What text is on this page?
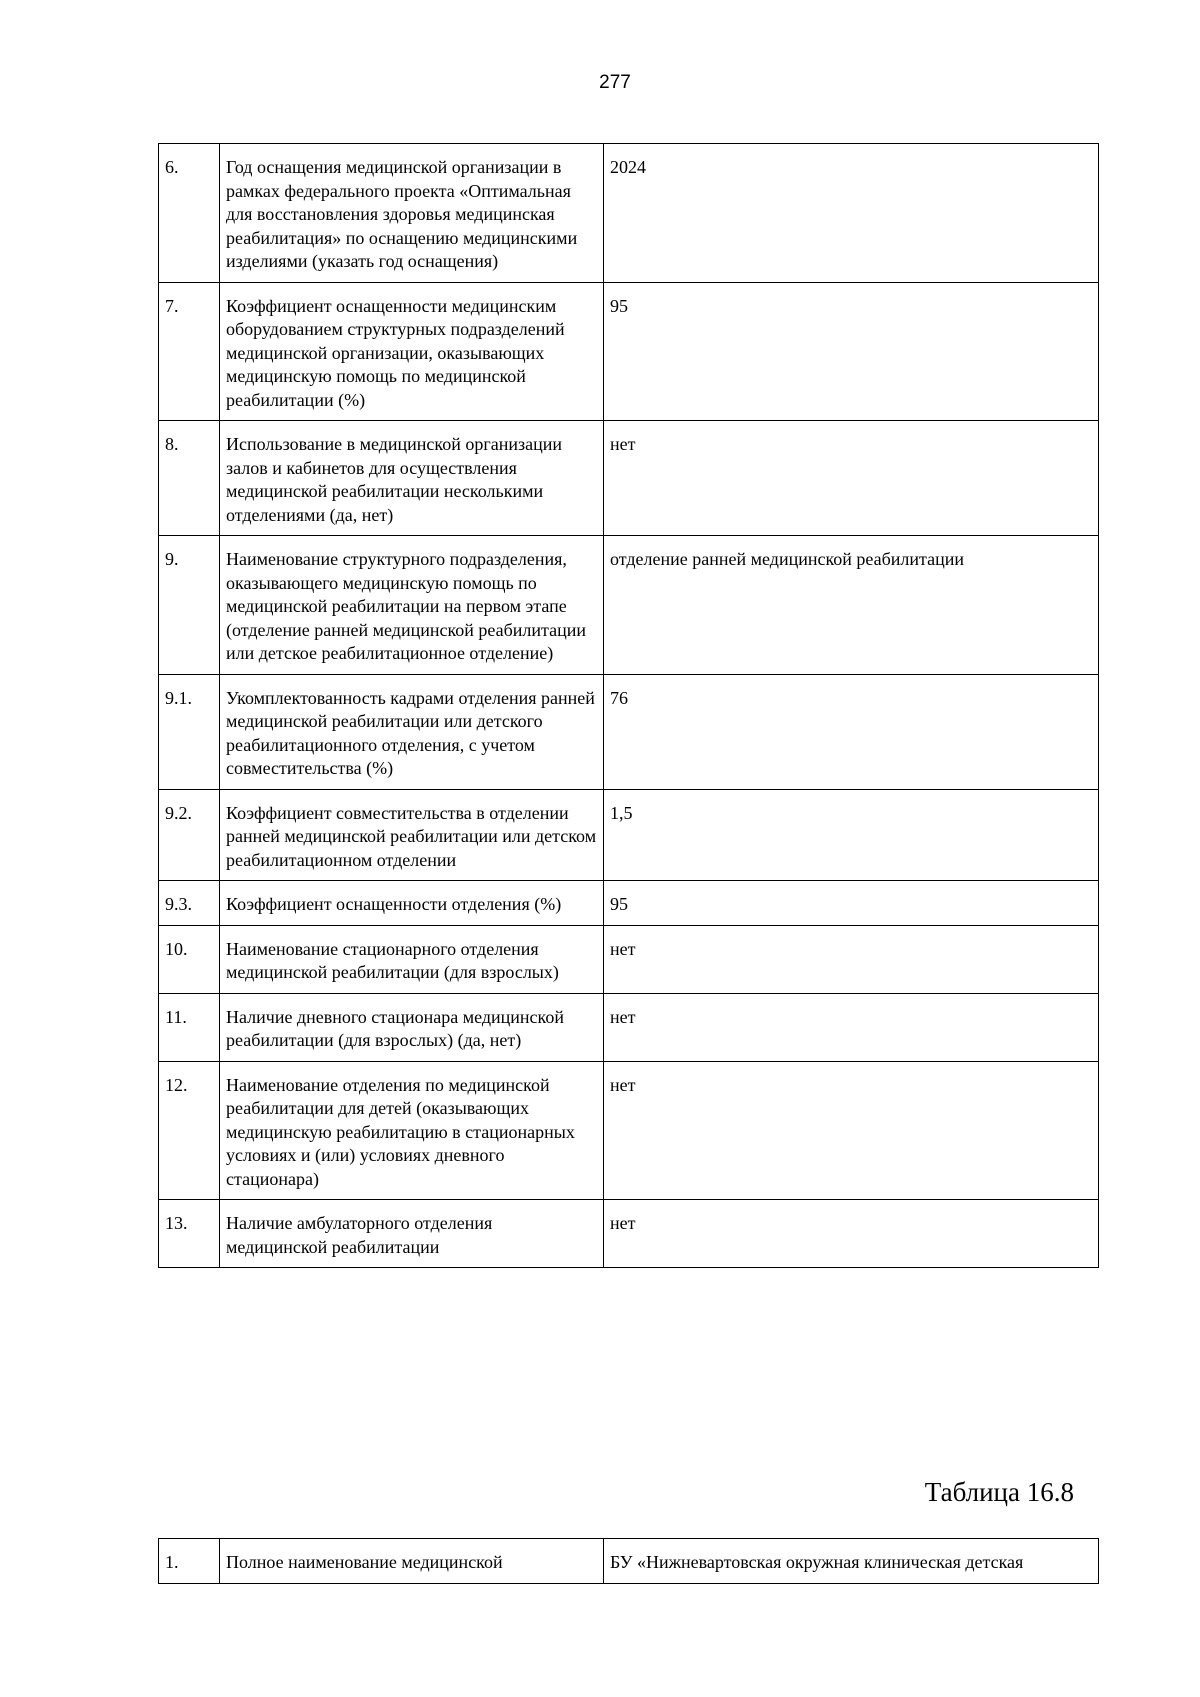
277
6.	Год оснащения медицинской организации в рамках федерального проекта «Оптимальная для восстановления здоровья медицинская реабилитация» по оснащению медицинскими изделиями (указать год оснащения)	2024
7.	Коэффициент оснащенности медицинским оборудованием структурных подразделений медицинской организации, оказывающих медицинскую помощь по медицинской реабилитации (%)	95
8.	Использование в медицинской организации залов и кабинетов для осуществления медицинской реабилитации несколькими отделениями (да, нет)	нет
9.	Наименование структурного подразделения, оказывающего медицинскую помощь по медицинской реабилитации на первом этапе (отделение ранней медицинской реабилитации или детское реабилитационное отделение)	отделение ранней медицинской реабилитации
9.1.	Укомплектованность кадрами отделения ранней медицинской реабилитации или детского реабилитационного отделения, с учетом совместительства (%)	76
9.2.	Коэффициент совместительства в отделении ранней медицинской реабилитации или детском реабилитационном отделении	1,5
9.3.	Коэффициент оснащенности отделения (%)	95
10.	Наименование стационарного отделения медицинской реабилитации (для взрослых)	нет
11.	Наличие дневного стационара медицинской реабилитации (для взрослых) (да, нет)	нет
12.	Наименование отделения по медицинской реабилитации для детей (оказывающих медицинскую реабилитацию в стационарных условиях и (или) условиях дневного стационара)	нет
13.	Наличие амбулаторного отделения медицинской реабилитации	нет
Таблица 16.8
1.	Полное наименование медицинской	БУ «Нижневартовская окружная клиническая детская
